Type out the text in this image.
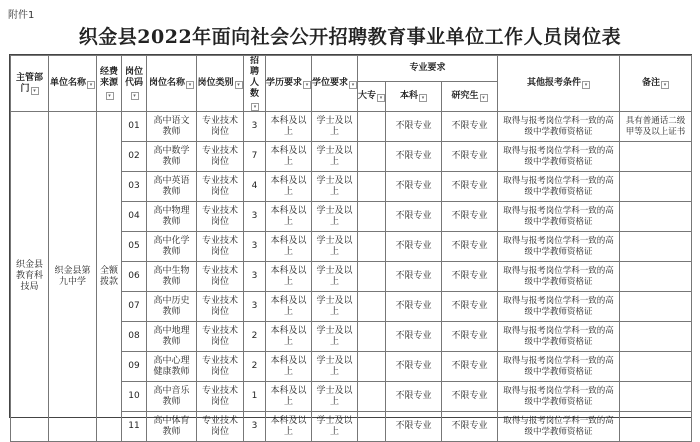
附件1
织金县2022年面向社会公开招聘教育事业单位工作人员岗位表
主管部门 ▾	单位名称 ▾	经费来源▾	岗位代码▾	岗位名称 ▾	岗位类别 ▾	招聘人数▾	学历要求 ▾	学位要求 ▾	专业要求			其他报考条件 ▾	备注 ▾
									大专 ▾	本科 ▾	研究生 ▾		
织金县教育科技局	织金县第九中学	全额拨款	01	高中语文教师	专业技术岗位	3	本科及以上	学士及以上		不限专业	不限专业	取得与报考岗位学科一致的高级中学教师资格证	具有普通话二级甲等及以上证书
			02	高中数学教师	专业技术岗位	7	本科及以上	学士及以上		不限专业	不限专业	取得与报考岗位学科一致的高级中学教师资格证	
			03	高中英语教师	专业技术岗位	4	本科及以上	学士及以上		不限专业	不限专业	取得与报考岗位学科一致的高级中学教师资格证	
			04	高中物理教师	专业技术岗位	3	本科及以上	学士及以上		不限专业	不限专业	取得与报考岗位学科一致的高级中学教师资格证	
			05	高中化学教师	专业技术岗位	3	本科及以上	学士及以上		不限专业	不限专业	取得与报考岗位学科一致的高级中学教师资格证	
			06	高中生物教师	专业技术岗位	3	本科及以上	学士及以上		不限专业	不限专业	取得与报考岗位学科一致的高级中学教师资格证	
			07	高中历史教师	专业技术岗位	3	本科及以上	学士及以上		不限专业	不限专业	取得与报考岗位学科一致的高级中学教师资格证	
			08	高中地理教师	专业技术岗位	2	本科及以上	学士及以上		不限专业	不限专业	取得与报考岗位学科一致的高级中学教师资格证	
			09	高中心理健康教师	专业技术岗位	2	本科及以上	学士及以上		不限专业	不限专业	取得与报考岗位学科一致的高级中学教师资格证	
			10	高中音乐教师	专业技术岗位	1	本科及以上	学士及以上		不限专业	不限专业	取得与报考岗位学科一致的高级中学教师资格证	
			11	高中体育教师	专业技术岗位	3	本科及以上	学士及以上		不限专业	不限专业	取得与报考岗位学科一致的高级中学教师资格证	
